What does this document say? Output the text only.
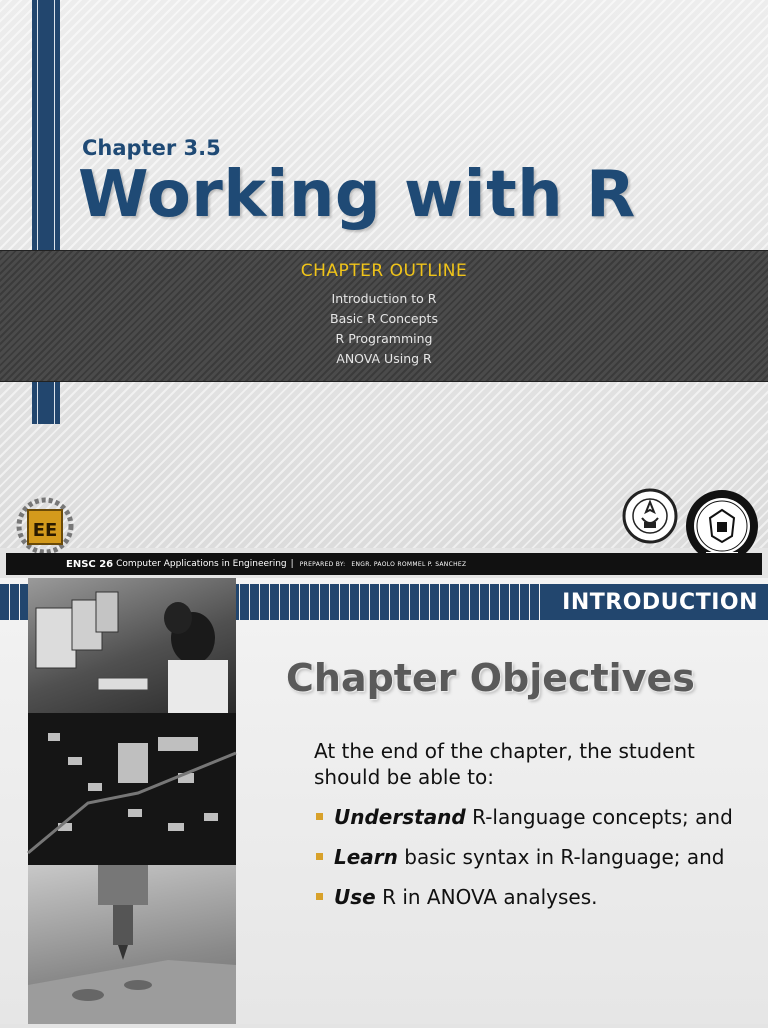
Chapter 3.5
Working with R
CHAPTER OUTLINE
Introduction to R
Basic R Concepts
R Programming
ANOVA Using R
EE
ENSC 26 Computer Applications in Engineering | PREPARED BY: ENGR. PAOLO ROMMEL P. SANCHEZ
INTRODUCTION
Chapter Objectives
At the end of the chapter, the student should be able to:
Understand R-language concepts; and
Learn basic syntax in R-language; and
Use R in ANOVA analyses.
